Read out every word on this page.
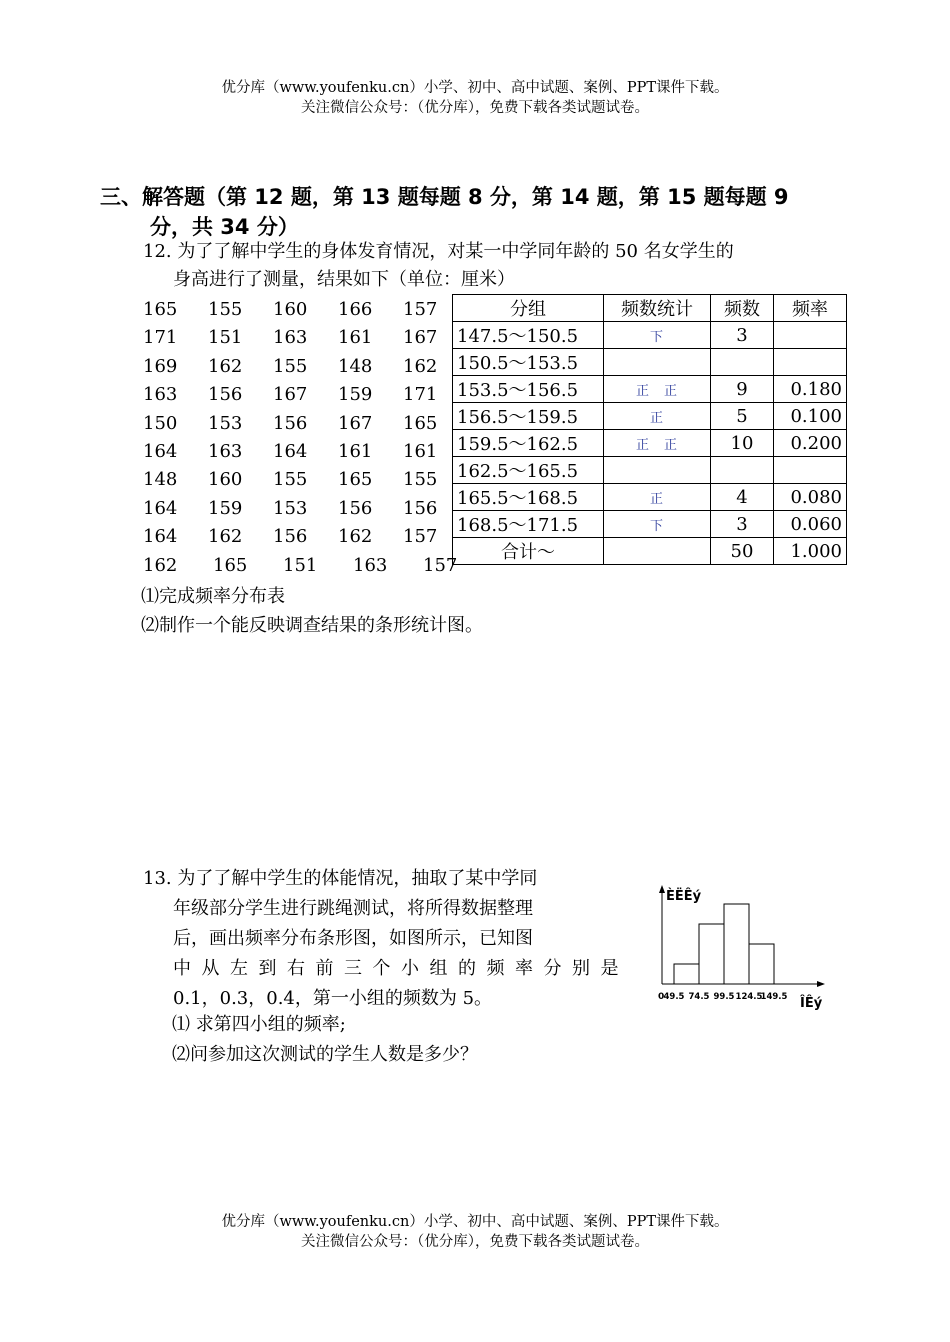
优分库（www.youfenku.cn）小学、初中、高中试题、案例、PPT课件下载。
关注微信公众号：（优分库），免费下载各类试题试卷。
三、解答题（第 12 题，第 13 题每题 8 分，第 14 题，第 15 题每题 9
分，共 34 分）
12. 为了了解中学生的身体发育情况，对某一中学同年龄的 50 名女学生的
身高进行了测量，结果如下（单位：厘米）
165	155	160	166	157
171	151	163	161	167
169	162	155	148	162
163	156	167	159	171
150	153	156	167	165
164	163	164	161	161
148	160	155	165	155
164	159	153	156	156
164	162	156	162	157
162	165	151	163	157
分组	频数统计	频数	频率
147.5～150.5	下	3	
150.5～153.5			
153.5～156.5	正　正	9	0.180
156.5～159.5	正	5	0.100
159.5～162.5	正　正	10	0.200
162.5～165.5			
165.5～168.5	正	4	0.080
168.5～171.5	下	3	0.060
合计～		50	1.000
⑴完成频率分布表
⑵制作一个能反映调查结果的条形统计图。
13. 为了了解中学生的体能情况，抽取了某中学同
年级部分学生进行跳绳测试，将所得数据整理
后，画出频率分布条形图，如图所示，已知图
中从左到右前三个小组的频率分别是
0.1，0.3，0.4，第一小组的频数为 5。
⑴ 求第四小组的频率;
⑵问参加这次测试的学生人数是多少？
ÈËÊý
ÎÊý
0 49.5 74.5 99.5 124.5
149.5
优分库（www.youfenku.cn）小学、初中、高中试题、案例、PPT课件下载。
关注微信公众号：（优分库），免费下载各类试题试卷。
